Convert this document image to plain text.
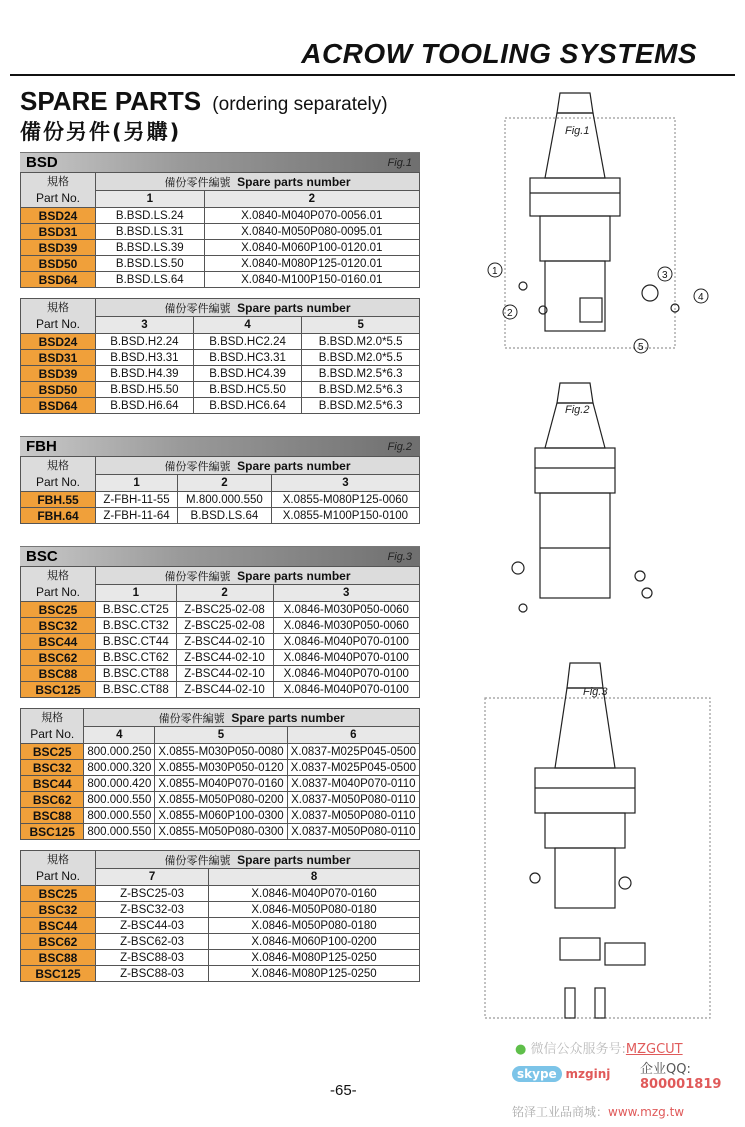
ACROW TOOLING SYSTEMS
SPARE PARTS (ordering separately)
備份另件(另購)
BSD	Fig.1
規格
Part No.	備份零件編號 Spare parts number	
	1	2
BSD24	B.BSD.LS.24	X.0840-M040P070-0056.01
BSD31	B.BSD.LS.31	X.0840-M050P080-0095.01
BSD39	B.BSD.LS.39	X.0840-M060P100-0120.01
BSD50	B.BSD.LS.50	X.0840-M080P125-0120.01
BSD64	B.BSD.LS.64	X.0840-M100P150-0160.01
規格
Part No.	備份零件編號 Spare parts number		
	3	4	5
BSD24	B.BSD.H2.24	B.BSD.HC2.24	B.BSD.M2.0*5.5
BSD31	B.BSD.H3.31	B.BSD.HC3.31	B.BSD.M2.0*5.5
BSD39	B.BSD.H4.39	B.BSD.HC4.39	B.BSD.M2.5*6.3
BSD50	B.BSD.H5.50	B.BSD.HC5.50	B.BSD.M2.5*6.3
BSD64	B.BSD.H6.64	B.BSD.HC6.64	B.BSD.M2.5*6.3
FBH	Fig.2
規格
Part No.	備份零件編號 Spare parts number		
	1	2	3
FBH.55	Z-FBH-11-55	M.800.000.550	X.0855-M080P125-0060
FBH.64	Z-FBH-11-64	B.BSD.LS.64	X.0855-M100P150-0100
BSC	Fig.3
規格
Part No.	備份零件編號 Spare parts number		
	1	2	3
BSC25	B.BSC.CT25	Z-BSC25-02-08	X.0846-M030P050-0060
BSC32	B.BSC.CT32	Z-BSC25-02-08	X.0846-M030P050-0060
BSC44	B.BSC.CT44	Z-BSC44-02-10	X.0846-M040P070-0100
BSC62	B.BSC.CT62	Z-BSC44-02-10	X.0846-M040P070-0100
BSC88	B.BSC.CT88	Z-BSC44-02-10	X.0846-M040P070-0100
BSC125	B.BSC.CT88	Z-BSC44-02-10	X.0846-M040P070-0100
規格
Part No.	備份零件編號 Spare parts number		
	4	5	6
BSC25	800.000.250	X.0855-M030P050-0080	X.0837-M025P045-0500
BSC32	800.000.320	X.0855-M030P050-0120	X.0837-M025P045-0500
BSC44	800.000.420	X.0855-M040P070-0160	X.0837-M040P070-0110
BSC62	800.000.550	X.0855-M050P080-0200	X.0837-M050P080-0110
BSC88	800.000.550	X.0855-M060P100-0300	X.0837-M050P080-0110
BSC125	800.000.550	X.0855-M050P080-0300	X.0837-M050P080-0110
規格
Part No.	備份零件編號 Spare parts number	
	7	8
BSC25	Z-BSC25-03	X.0846-M040P070-0160
BSC32	Z-BSC32-03	X.0846-M050P080-0180
BSC44	Z-BSC44-03	X.0846-M050P080-0180
BSC62	Z-BSC62-03	X.0846-M060P100-0200
BSC88	Z-BSC88-03	X.0846-M080P125-0250
BSC125	Z-BSC88-03	X.0846-M080P125-0250
Fig.1
Fig.2
Fig.3
1
2
3
4
5
-65-
● 微信公众服务号:MZGCUT
skype mzginj 企业QQ:
800001819
铭泽工业品商城：www.mzg.tw
